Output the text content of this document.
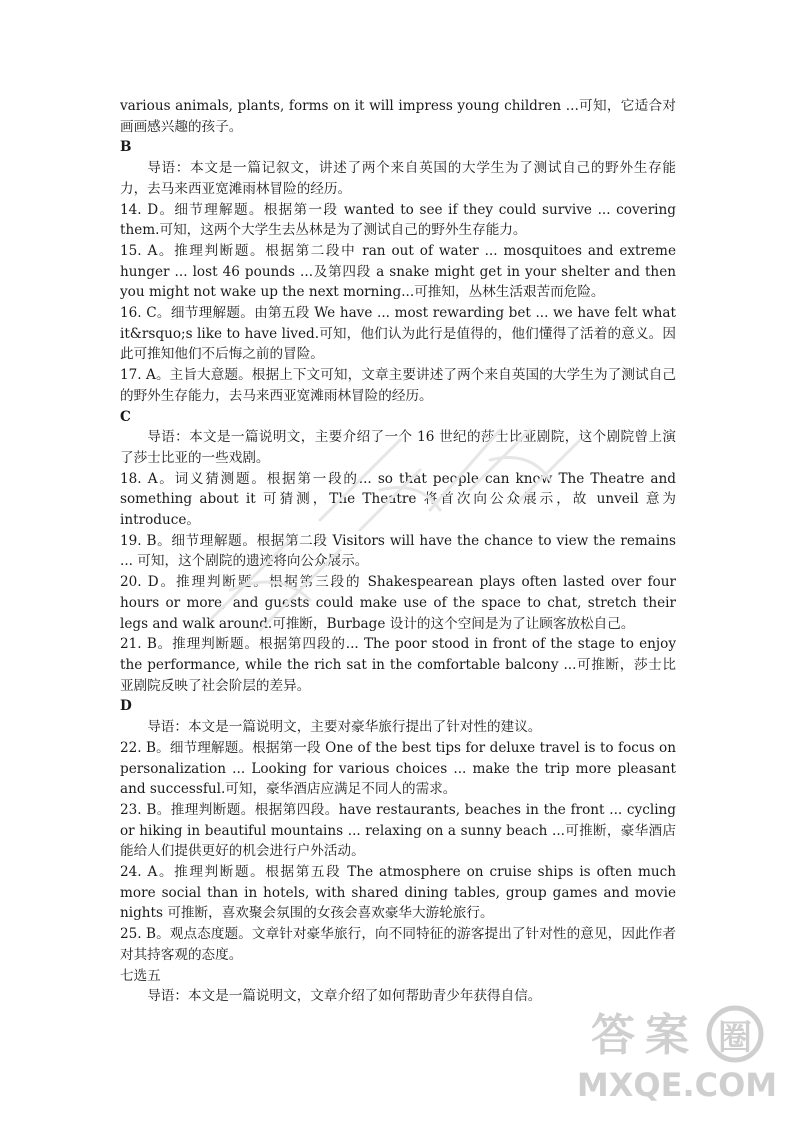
various animals, plants, forms on it will impress young children ...可知，它适合对画画感兴趣的孩子。

B

导语：本文是一篇记叙文，讲述了两个来自英国的大学生为了测试自己的野外生存能力，去马来西亚宽滩雨林冒险的经历。

14. D。细节理解题。根据第一段 wanted to see if they could survive ... covering them.可知，这两个大学生去丛林是为了测试自己的野外生存能力。

15. A。推理判断题。根据第二段中 ran out of water ... mosquitoes and extreme hunger ... lost 46 pounds ...及第四段 a snake might get in your shelter and then you might not wake up the next morning...可推知，丛林生活艰苦而危险。

16. C。细节理解题。由第五段 We have ... most rewarding bet ... we have felt what it&rsquo;s like to have lived.可知，他们认为此行是值得的，他们懂得了活着的意义。因此可推知他们不后悔之前的冒险。

17. A。主旨大意题。根据上下文可知，文章主要讲述了两个来自英国的大学生为了测试自己的野外生存能力，去马来西亚宽滩雨林冒险的经历。

C

导语：本文是一篇说明文，主要介绍了一个 16 世纪的莎士比亚剧院，这个剧院曾上演了莎士比亚的一些戏剧。

18. A。词义猜测题。根据第一段的... so that people can know The Theatre and something about it 可猜测，The Theatre 将首次向公众展示，故 unveil 意为 introduce。

19. B。细节理解题。根据第二段 Visitors will have the chance to view the remains ... 可知，这个剧院的遗迹将向公众展示。

20. D。推理判断题。根据第三段的 Shakespearean plays often lasted over four hours or more, and guests could make use of the space to chat, stretch their legs and walk around.可推断，Burbage 设计的这个空间是为了让顾客放松自己。

21. B。推理判断题。根据第四段的... The poor stood in front of the stage to enjoy the performance, while the rich sat in the comfortable balcony ...可推断，莎士比亚剧院反映了社会阶层的差异。

D

导语：本文是一篇说明文，主要对豪华旅行提出了针对性的建议。

22. B。细节理解题。根据第一段 One of the best tips for deluxe travel is to focus on personalization ... Looking for various choices ... make the trip more pleasant and successful.可知，豪华酒店应满足不同人的需求。

23. B。推理判断题。根据第四段。have restaurants, beaches in the front ... cycling or hiking in beautiful mountains ... relaxing on a sunny beach ...可推断，豪华酒店能给人们提供更好的机会进行户外活动。

24. A。推理判断题。根据第五段 The atmosphere on cruise ships is often much more social than in hotels, with shared dining tables, group games and movie nights 可推断，喜欢聚会氛围的女孩会喜欢豪华大游轮旅行。

25. B。观点态度题。文章针对豪华旅行，向不同特征的游客提出了针对性的意见，因此作者对其持客观的态度。

七选五

导语：本文是一篇说明文，文章介绍了如何帮助青少年获得自信。

答 案 圈
MXQE.COM
